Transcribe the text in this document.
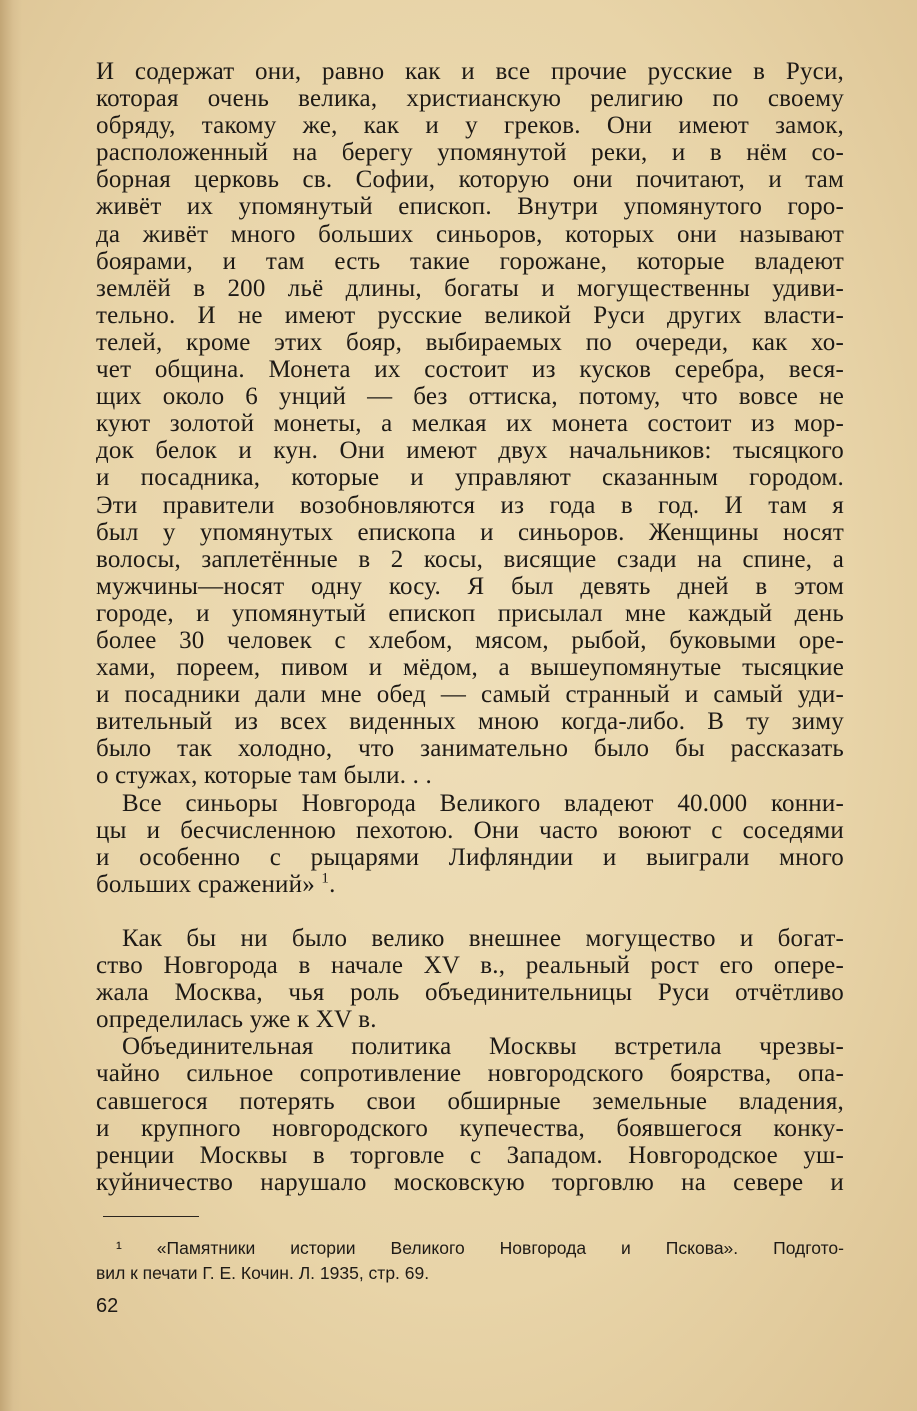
И содержат они, равно как и все прочие русские в Руси,
которая очень велика, христианскую религию по своему
обряду, такому же, как и у греков. Они имеют замок,
расположенный на берегу упомянутой реки, и в нём со-
борная церковь св. Софии, которую они почитают, и там
живёт их упомянутый епископ. Внутри упомянутого горо-
да живёт много больших синьоров, которых они называют
боярами, и там есть такие горожане, которые владеют
землёй в 200 льё длины, богаты и могущественны удиви-
тельно. И не имеют русские великой Руси других власти-
телей, кроме этих бояр, выбираемых по очереди, как хо-
чет община. Монета их состоит из кусков серебра, веся-
щих около 6 унций — без оттиска, потому, что вовсе не
куют золотой монеты, а мелкая их монета состоит из мор-
док белок и кун. Они имеют двух начальников: тысяцкого
и посадника, которые и управляют сказанным городом.
Эти правители возобновляются из года в год. И там я
был у упомянутых епископа и синьоров. Женщины носят
волосы, заплетённые в 2 косы, висящие сзади на спине, а
мужчины—носят одну косу. Я был девять дней в этом
городе, и упомянутый епископ присылал мне каждый день
более 30 человек с хлебом, мясом, рыбой, буковыми оре-
хами, пореем, пивом и мёдом, а вышеупомянутые тысяцкие
и посадники дали мне обед — самый странный и самый уди-
вительный из всех виденных мною когда-либо. В ту зиму
было так холодно, что занимательно было бы рассказать
о стужах, которые там были. . .
Все синьоры Новгорода Великого владеют 40.000 конни-
цы и бесчисленною пехотою. Они часто воюют с соседями
и особенно с рыцарями Лифляндии и выиграли много
больших сражений» $^1$.
Как бы ни было велико внешнее могущество и богат-
ство Новгорода в начале XV в., реальный рост его опере-
жала Москва, чья роль объединительницы Руси отчётливо
определилась уже к XV в.
Объединительная политика Москвы встретила чрезвы-
чайно сильное сопротивление новгородского боярства, опа-
савшегося потерять свои обширные земельные владения,
и крупного новгородского купечества, боявшегося конку-
ренции Москвы в торговле с Западом. Новгородское уш-
куйничество нарушало московскую торговлю на севере и
¹ «Памятники истории Великого Новгорода и Пскова». Подгото-
вил к печати Г. Е. Кочин. Л. 1935, стр. 69.
62
